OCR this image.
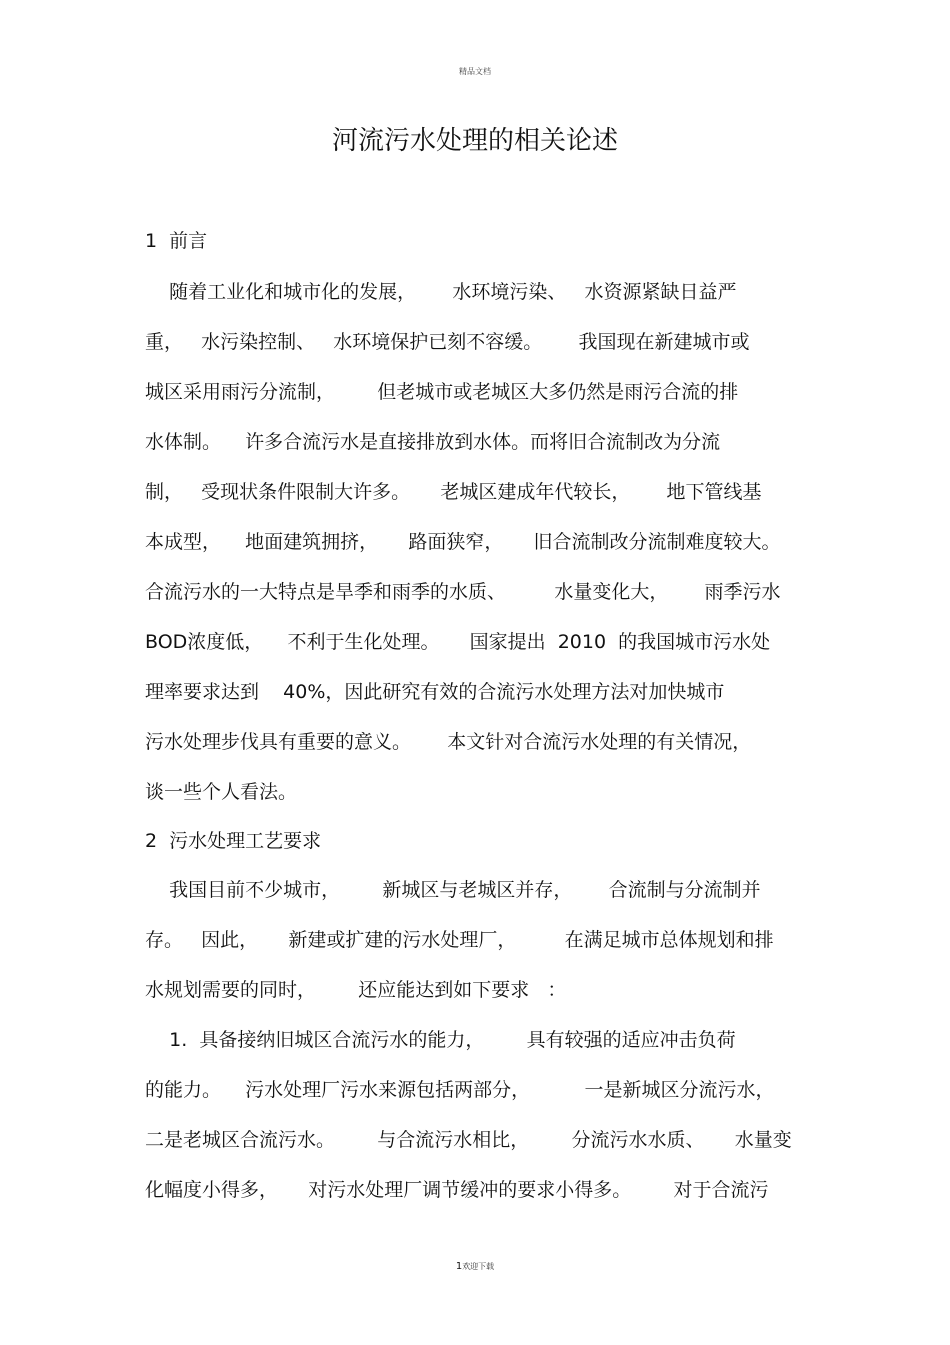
精品文档
河流污水处理的相关论述
1  前言
随着工业化和城市化的发展，      水环境污染、   水资源紧缺日益严
重，   水污染控制、   水环境保护已刻不容缓。      我国现在新建城市或
城区采用雨污分流制，       但老城市或老城区大多仍然是雨污合流的排
水体制。    许多合流污水是直接排放到水体。而将旧合流制改为分流
制，   受现状条件限制大许多。     老城区建成年代较长，      地下管线基
本成型，    地面建筑拥挤，     路面狭窄，     旧合流制改分流制难度较大。
合流污水的一大特点是旱季和雨季的水质、        水量变化大，      雨季污水
BOD浓度低，    不利于生化处理。     国家提出  2010  的我国城市污水处
理率要求达到    40%，因此研究有效的合流污水处理方法对加快城市
污水处理步伐具有重要的意义。      本文针对合流污水处理的有关情况，
谈一些个人看法。
2  污水处理工艺要求
我国目前不少城市，       新城区与老城区并存，      合流制与分流制并
存。   因此，     新建或扩建的污水处理厂，        在满足城市总体规划和排
水规划需要的同时，       还应能达到如下要求   ：
1.  具备接纳旧城区合流污水的能力，       具有较强的适应冲击负荷
的能力。    污水处理厂污水来源包括两部分，         一是新城区分流污水，
二是老城区合流污水。       与合流污水相比，       分流污水水质、     水量变
化幅度小得多，     对污水处理厂调节缓冲的要求小得多。       对于合流污
1欢迎下载
